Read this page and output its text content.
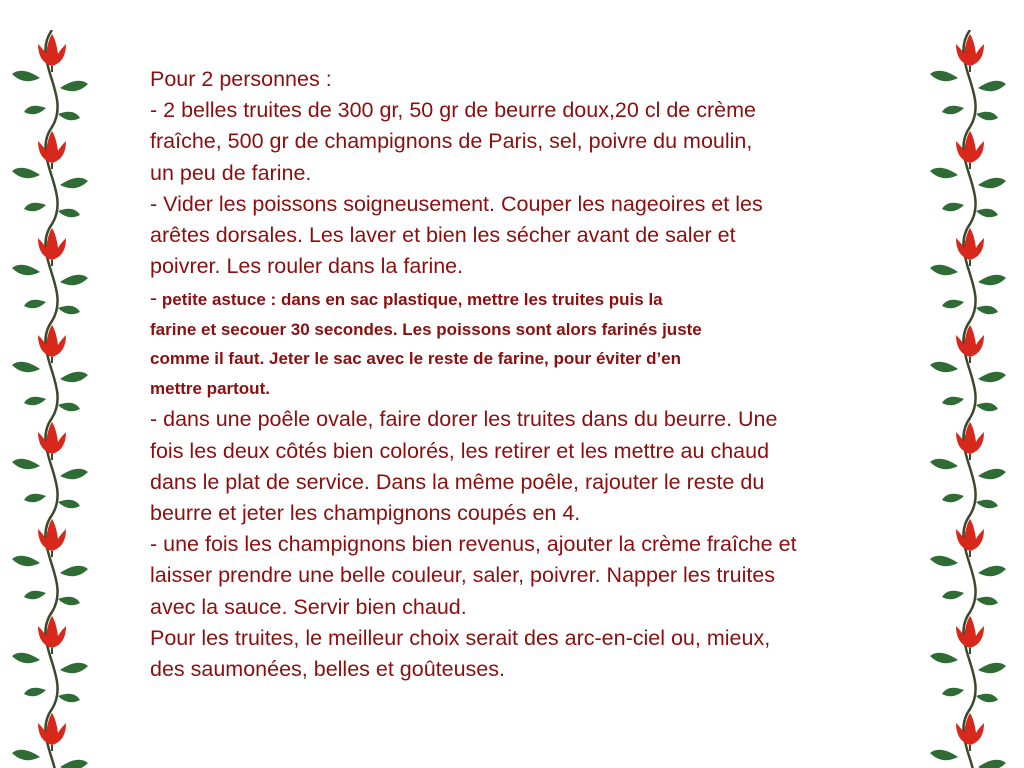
Pour 2 personnes :
- 2 belles truites de 300 gr, 50 gr de beurre doux,20 cl de crème
fraîche, 500 gr de champignons de Paris, sel, poivre du moulin,
un peu de farine.
- Vider les poissons soigneusement. Couper les nageoires et les
arêtes dorsales. Les laver et bien les sécher avant de saler et
poivrer. Les rouler dans la farine.
- petite astuce : dans en sac plastique, mettre les truites puis la
farine et secouer 30 secondes. Les poissons sont alors farinés juste
comme il faut. Jeter le sac avec le reste de farine, pour éviter d’en
mettre partout.
- dans une poêle ovale, faire dorer les truites dans du beurre. Une
fois les deux côtés bien colorés, les retirer et les mettre au chaud
dans le plat de service. Dans la même poêle, rajouter le reste du
beurre et jeter les champignons coupés en 4.
- une fois les champignons bien revenus, ajouter la crème fraîche et
laisser prendre une belle couleur, saler, poivrer. Napper les truites
avec la sauce. Servir bien chaud.
Pour les truites, le meilleur choix serait des arc-en-ciel ou, mieux,
des saumonées, belles et goûteuses.
